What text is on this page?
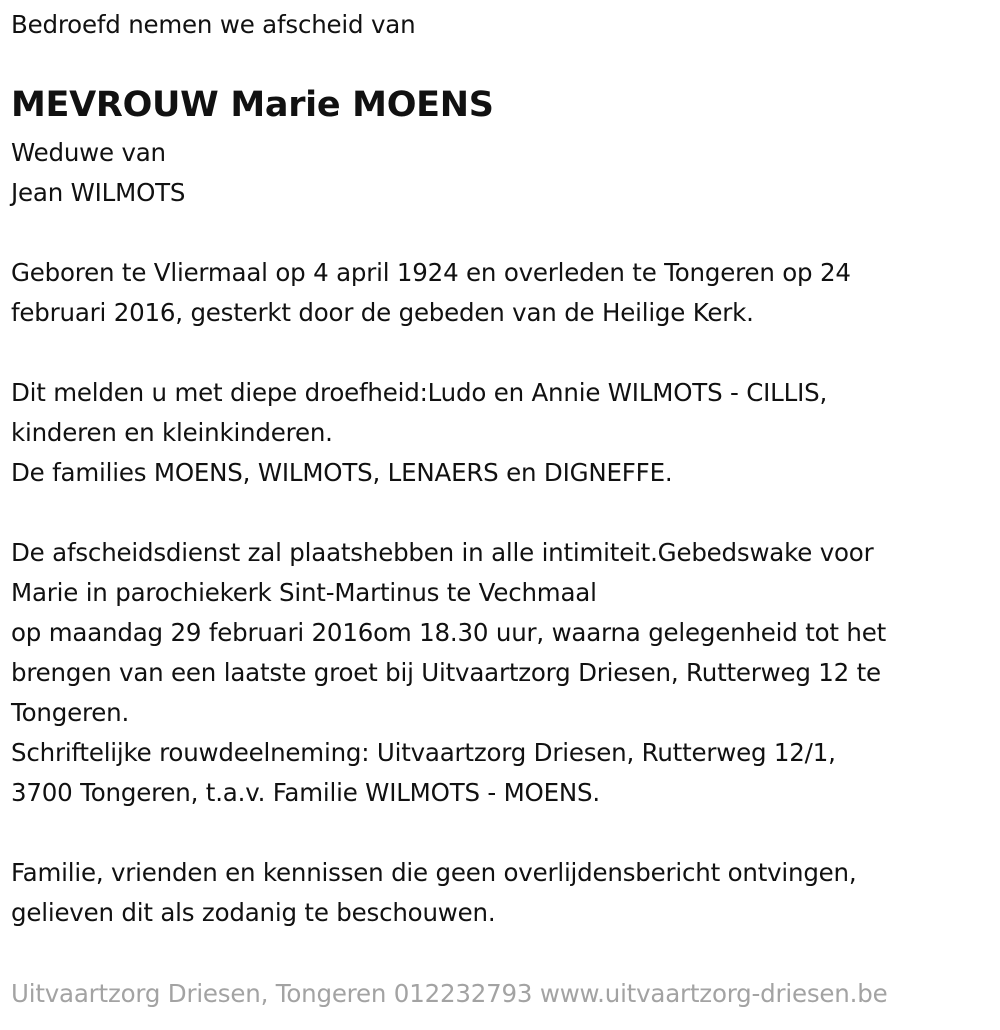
Bedroefd nemen we afscheid van
MEVROUW Marie MOENS
Weduwe van
Jean WILMOTS
Geboren te Vliermaal op 4 april 1924 en overleden te Tongeren op 24
februari 2016, gesterkt door de gebeden van de Heilige Kerk.
Dit melden u met diepe droefheid:Ludo en Annie WILMOTS - CILLIS,
kinderen en kleinkinderen.
De families MOENS, WILMOTS, LENAERS en DIGNEFFE.
De afscheidsdienst zal plaatshebben in alle intimiteit.Gebedswake voor
Marie in parochiekerk Sint-Martinus te Vechmaal
op maandag 29 februari 2016om 18.30 uur, waarna gelegenheid tot het
brengen van een laatste groet bij Uitvaartzorg Driesen, Rutterweg 12 te
Tongeren.
Schriftelijke rouwdeelneming: Uitvaartzorg Driesen, Rutterweg 12/1,
3700 Tongeren, t.a.v. Familie WILMOTS - MOENS.
Familie, vrienden en kennissen die geen overlijdensbericht ontvingen,
gelieven dit als zodanig te beschouwen.
Uitvaartzorg Driesen, Tongeren 012232793 www.uitvaartzorg-driesen.be
